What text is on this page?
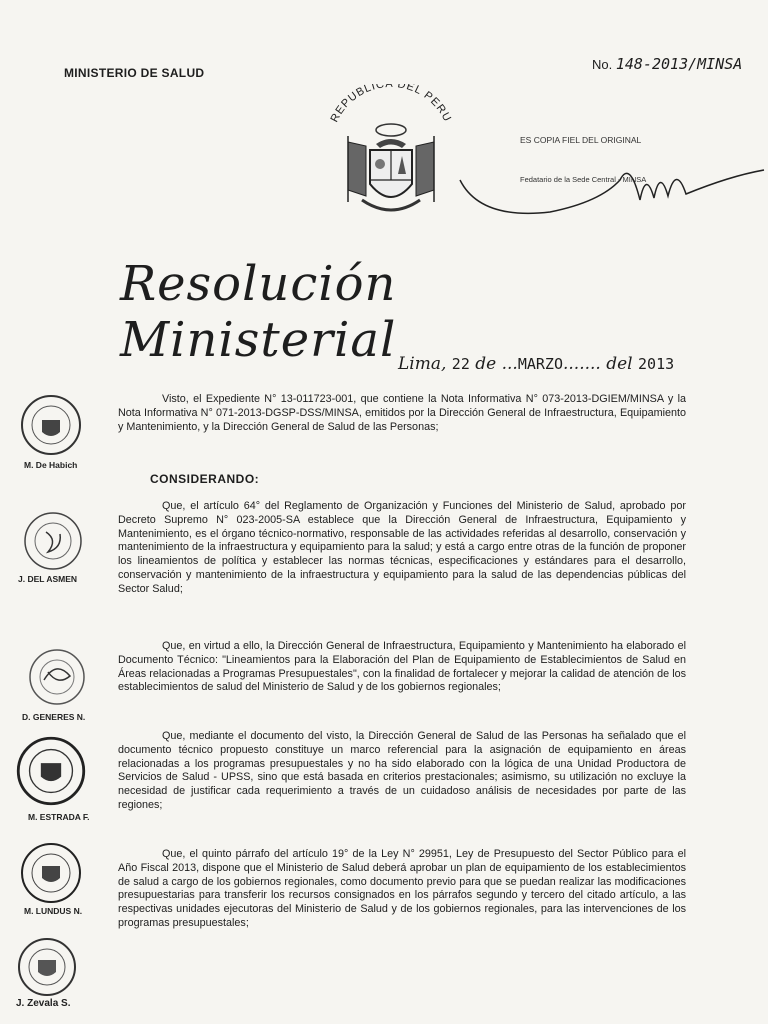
MINISTERIO DE SALUD
No. 148-2013/MINSA
REPUBLICA DEL PERU
ES COPIA FIEL DEL ORIGINAL
Fedatario de la Sede Central - MINSA
Resolución Ministerial Lima, 22 de ...MARZO....... del 2013

Visto, el Expediente N° 13-011723-001, que contiene la Nota Informativa N° 073-2013-DGIEM/MINSA y la Nota Informativa N° 071-2013-DGSP-DSS/MINSA, emitidos por la Dirección General de Infraestructura, Equipamiento y Mantenimiento, y la Dirección General de Salud de las Personas;

CONSIDERANDO:

Que, el artículo 64° del Reglamento de Organización y Funciones del Ministerio de Salud, aprobado por Decreto Supremo N° 023-2005-SA establece que la Dirección General de Infraestructura, Equipamiento y Mantenimiento, es el órgano técnico-normativo, responsable de las actividades referidas al desarrollo, conservación y mantenimiento de la infraestructura y equipamiento para la salud; y está a cargo entre otras de la función de proponer los lineamientos de política y establecer las normas técnicas, especificaciones y estándares para el desarrollo, conservación y mantenimiento de la infraestructura y equipamiento para la salud de las dependencias públicas del Sector Salud;

Que, en virtud a ello, la Dirección General de Infraestructura, Equipamiento y Mantenimiento ha elaborado el Documento Técnico: "Lineamientos para la Elaboración del Plan de Equipamiento de Establecimientos de Salud en Áreas relacionadas a Programas Presupuestales", con la finalidad de fortalecer y mejorar la calidad de atención de los establecimientos de salud del Ministerio de Salud y de los gobiernos regionales;

Que, mediante el documento del visto, la Dirección General de Salud de las Personas ha señalado que el documento técnico propuesto constituye un marco referencial para la asignación de equipamiento en áreas relacionadas a los programas presupuestales y no ha sido elaborado con la lógica de una Unidad Productora de Servicios de Salud - UPSS, sino que está basada en criterios prestacionales; asimismo, su utilización no excluye la necesidad de justificar cada requerimiento a través de un cuidadoso análisis de necesidades por parte de las regiones;

Que, el quinto párrafo del artículo 19° de la Ley N° 29951, Ley de Presupuesto del Sector Público para el Año Fiscal 2013, dispone que el Ministerio de Salud deberá aprobar un plan de equipamiento de los establecimientos de salud a cargo de los gobiernos regionales, como documento previo para que se puedan realizar las modificaciones presupuestarias para transferir los recursos consignados en los párrafos segundo y tercero del citado artículo, a las respectivas unidades ejecutoras del Ministerio de Salud y de los gobiernos regionales, para las intervenciones de los programas presupuestales;

M. De Habich
J. DEL ASMEN
D. GENERES N.
M. ESTRADA F.
M. LUNDUS N.
J. Zevala S.
